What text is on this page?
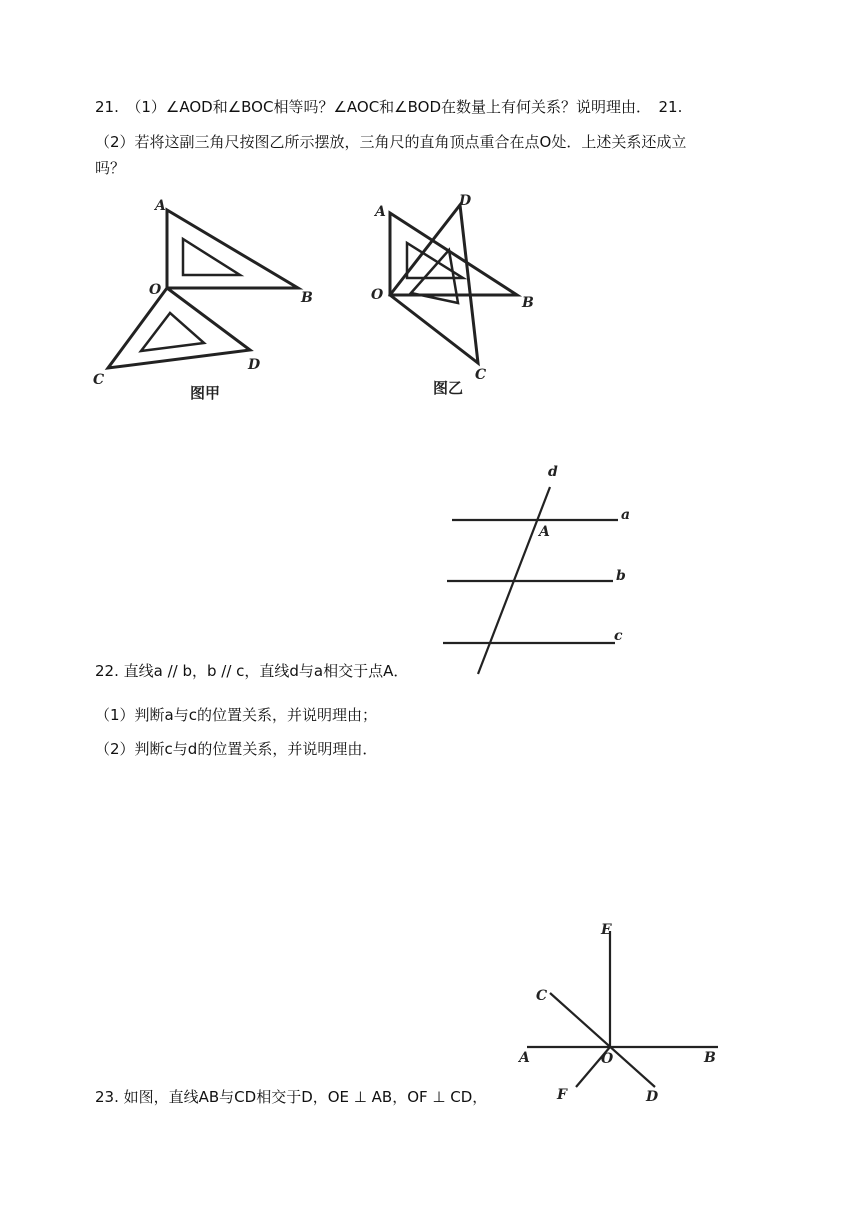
21.　（1）∠AOD和∠BOC相等吗？∠AOC和∠BOD在数量上有何关系？说明理由．　21.
（2）若将这副三角尺按图乙所示摆放，三角尺的直角顶点重合在点O处．上述关系还成立
吗？
A
O	B
C
D
图甲
A
D
O	B
C
图乙
d
a
A
b
c
22. 直线a // b，b // c，直线d与a相交于点A．
（1）判断a与c的位置关系，并说明理由；
（2）判断c与d的位置关系，并说明理由．
E
C
A	O	B
F	D
23. 如图，直线AB与CD相交于D，OE ⊥ AB，OF ⊥ CD，
